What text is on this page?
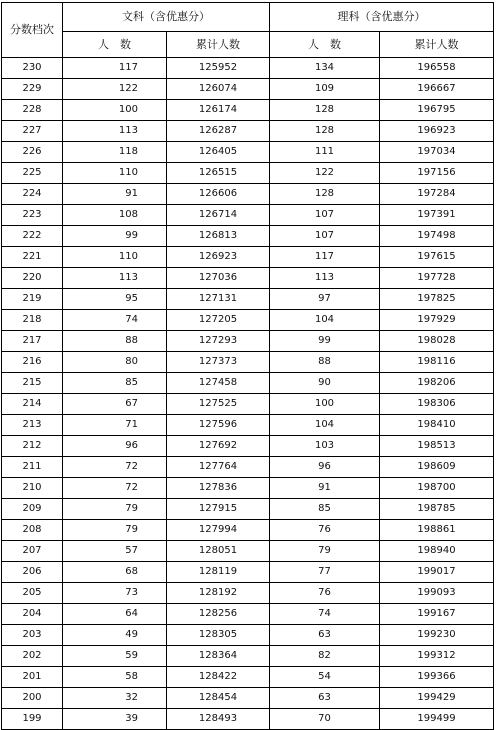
分数档次	文科（含优惠分）		理科（含优惠分）	
	人　数	累计人数	人　数	累计人数
230	117	125952	134	196558
229	122	126074	109	196667
228	100	126174	128	196795
227	113	126287	128	196923
226	118	126405	111	197034
225	110	126515	122	197156
224	91	126606	128	197284
223	108	126714	107	197391
222	99	126813	107	197498
221	110	126923	117	197615
220	113	127036	113	197728
219	95	127131	97	197825
218	74	127205	104	197929
217	88	127293	99	198028
216	80	127373	88	198116
215	85	127458	90	198206
214	67	127525	100	198306
213	71	127596	104	198410
212	96	127692	103	198513
211	72	127764	96	198609
210	72	127836	91	198700
209	79	127915	85	198785
208	79	127994	76	198861
207	57	128051	79	198940
206	68	128119	77	199017
205	73	128192	76	199093
204	64	128256	74	199167
203	49	128305	63	199230
202	59	128364	82	199312
201	58	128422	54	199366
200	32	128454	63	199429
199	39	128493	70	199499
